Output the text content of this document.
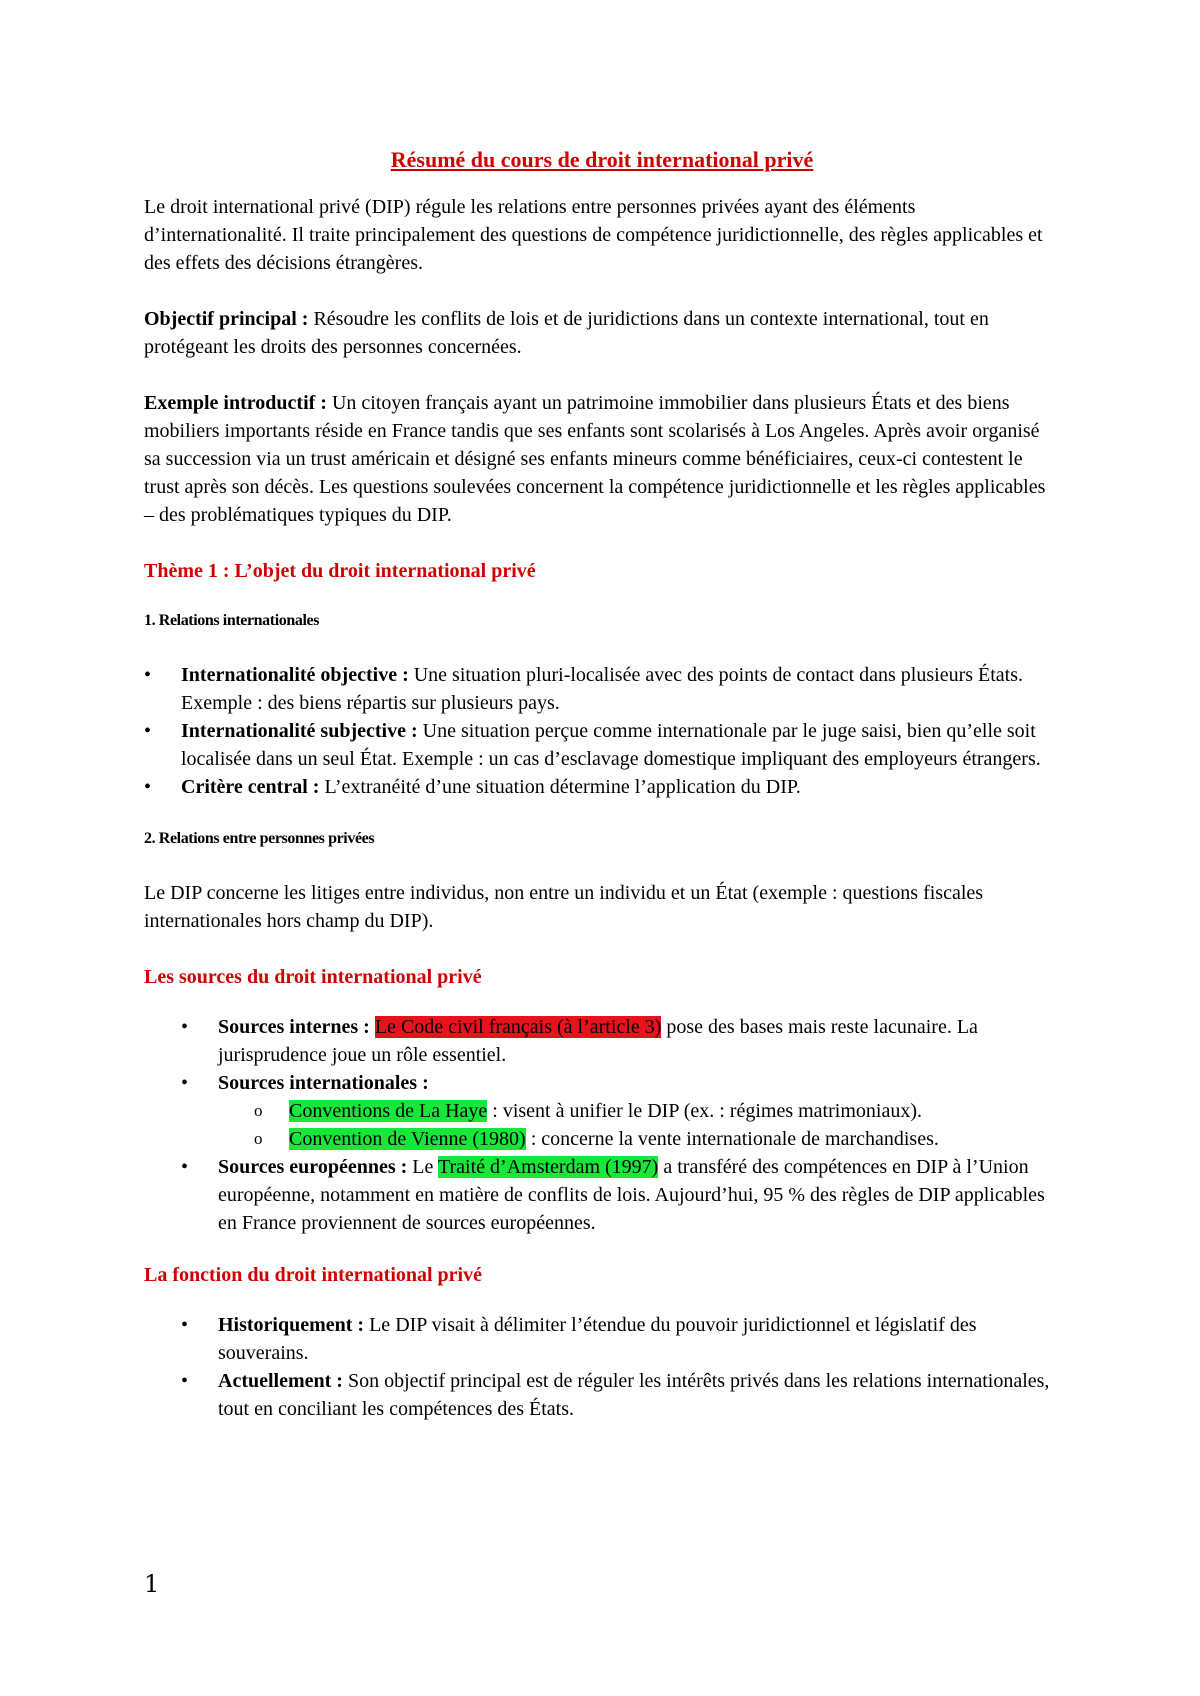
Résumé du cours de droit international privé

Le droit international privé (DIP) régule les relations entre personnes privées ayant des éléments d’internationalité. Il traite principalement des questions de compétence juridictionnelle, des règles applicables et des effets des décisions étrangères.

Objectif principal : Résoudre les conflits de lois et de juridictions dans un contexte international, tout en protégeant les droits des personnes concernées.

Exemple introductif : Un citoyen français ayant un patrimoine immobilier dans plusieurs États et des biens mobiliers importants réside en France tandis que ses enfants sont scolarisés à Los Angeles. Après avoir organisé sa succession via un trust américain et désigné ses enfants mineurs comme bénéficiaires, ceux-ci contestent le trust après son décès. Les questions soulevées concernent la compétence juridictionnelle et les règles applicables – des problématiques typiques du DIP.

Thème 1 : L’objet du droit international privé
1. Relations internationales
• Internationalité objective : Une situation pluri-localisée avec des points de contact dans plusieurs États. Exemple : des biens répartis sur plusieurs pays.
• Internationalité subjective : Une situation perçue comme internationale par le juge saisi, bien qu’elle soit localisée dans un seul État. Exemple : un cas d’esclavage domestique impliquant des employeurs étrangers.
• Critère central : L’extranéité d’une situation détermine l’application du DIP.
2. Relations entre personnes privées

Le DIP concerne les litiges entre individus, non entre un individu et un État (exemple : questions fiscales internationales hors champ du DIP).

Les sources du droit international privé
• Sources internes : Le Code civil français (à l’article 3) pose des bases mais reste lacunaire. La jurisprudence joue un rôle essentiel.
• Sources internationales :
o Conventions de La Haye : visent à unifier le DIP (ex. : régimes matrimoniaux).
o Convention de Vienne (1980) : concerne la vente internationale de marchandises.
• Sources européennes : Le Traité d’Amsterdam (1997) a transféré des compétences en DIP à l’Union européenne, notamment en matière de conflits de lois. Aujourd’hui, 95 % des règles de DIP applicables en France proviennent de sources européennes.
La fonction du droit international privé
• Historiquement : Le DIP visait à délimiter l’étendue du pouvoir juridictionnel et législatif des souverains.
• Actuellement : Son objectif principal est de réguler les intérêts privés dans les relations internationales, tout en conciliant les compétences des États.
1
